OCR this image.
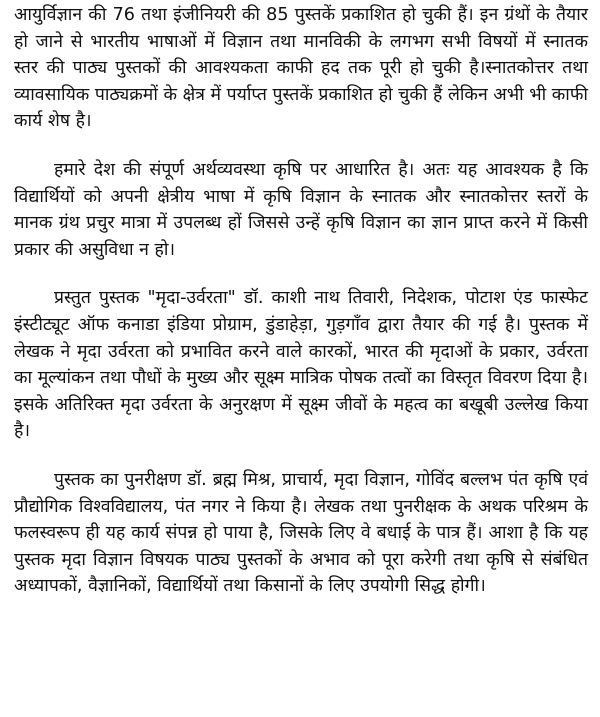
आयुर्विज्ञान की 76 तथा इंजीनियरी की 85 पुस्तकें प्रकाशित हो चुकी हैं। इन ग्रंथों के तैयार हो जाने से भारतीय भाषाओं में विज्ञान तथा मानविकी के लगभग सभी विषयों में स्नातक स्तर की पाठ्य पुस्तकों की आवश्यकता काफी हद तक पूरी हो चुकी है।स्नातकोत्तर तथा व्यावसायिक पाठ्यक्रमों के क्षेत्र में पर्याप्त पुस्तकें प्रकाशित हो चुकी हैं लेकिन अभी भी काफी कार्य शेष है।

हमारे देश की संपूर्ण अर्थव्यवस्था कृषि पर आधारित है। अतः यह आवश्यक है कि विद्यार्थियों को अपनी क्षेत्रीय भाषा में कृषि विज्ञान के स्नातक और स्नातकोत्तर स्तरों के मानक ग्रंथ प्रचुर मात्रा में उपलब्ध हों जिससे उन्हें कृषि विज्ञान का ज्ञान प्राप्त करने में किसी प्रकार की असुविधा न हो।

प्रस्तुत पुस्तक "मृदा-उर्वरता" डॉ. काशी नाथ तिवारी, निदेशक, पोटाश एंड फास्फेट इंस्टीट्यूट ऑफ कनाडा इंडिया प्रोग्राम, डुंडाहेड़ा, गुड़गाँव द्वारा तैयार की गई है। पुस्तक में लेखक ने मृदा उर्वरता को प्रभावित करने वाले कारकों, भारत की मृदाओं के प्रकार, उर्वरता का मूल्यांकन तथा पौधों के मुख्य और सूक्ष्म मात्रिक पोषक तत्वों का विस्तृत विवरण दिया है। इसके अतिरिक्त मृदा उर्वरता के अनुरक्षण में सूक्ष्म जीवों के महत्व का बखूबी उल्लेख किया है।

पुस्तक का पुनरीक्षण डॉ. ब्रह्म मिश्र, प्राचार्य, मृदा विज्ञान, गोविंद बल्लभ पंत कृषि एवं प्रौद्योगिक विश्वविद्यालय, पंत नगर ने किया है। लेखक तथा पुनरीक्षक के अथक परिश्रम के फलस्वरूप ही यह कार्य संपन्न हो पाया है, जिसके लिए वे बधाई के पात्र हैं। आशा है कि यह पुस्तक मृदा विज्ञान विषयक पाठ्य पुस्तकों के अभाव को पूरा करेगी तथा कृषि से संबंधित अध्यापकों, वैज्ञानिकों, विद्यार्थियों तथा किसानों के लिए उपयोगी सिद्ध होगी।
